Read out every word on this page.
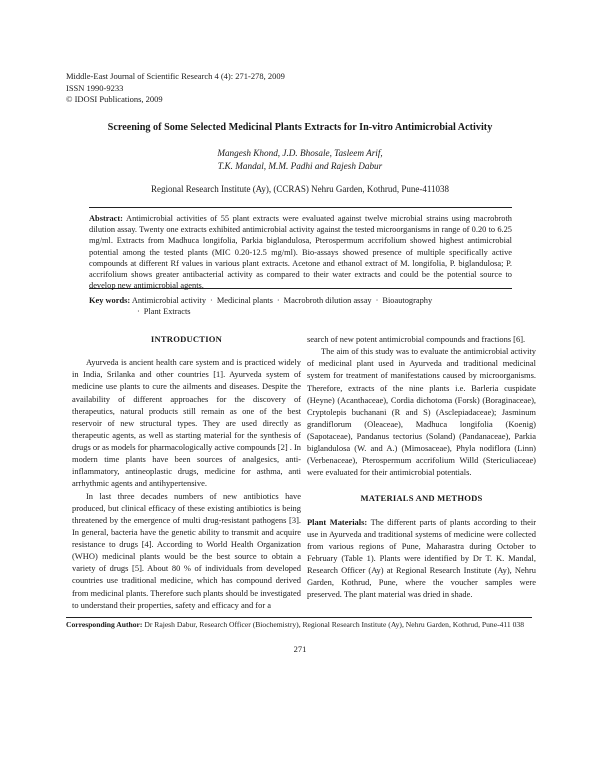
Middle-East Journal of Scientific Research 4 (4): 271-278, 2009
ISSN 1990-9233
© IDOSI Publications, 2009
Screening of Some Selected Medicinal Plants Extracts for In-vitro Antimicrobial Activity
Mangesh Khond, J.D. Bhosale, Tasleem Arif,
T.K. Mandal, M.M. Padhi and Rajesh Dabur
Regional Research Institute (Ay), (CCRAS) Nehru Garden, Kothrud, Pune-411038
Abstract: Antimicrobial activities of 55 plant extracts were evaluated against twelve microbial strains using macrobroth dilution assay. Twenty one extracts exhibited antimicrobial activity against the tested microorganisms in range of 0.20 to 6.25 mg/ml. Extracts from Madhuca longifolia, Parkia biglandulosa, Pterospermum accrifolium showed highest antimicrobial potential among the tested plants (MIC 0.20-12.5 mg/ml). Bio-assays showed presence of multiple specifically active compounds at different Rf values in various plant extracts. Acetone and ethanol extract of M. longifolia, P. biglandulosa; P. accrifolium shows greater antibacterial activity as compared to their water extracts and could be the potential source to develop new antimicrobial agents.
Key words: Antimicrobial activity · Medicinal plants · Macrobroth dilution assay · Bioautography
· Plant Extracts
INTRODUCTION

Ayurveda is ancient health care system and is practiced widely in India, Srilanka and other countries [1]. Ayurveda system of medicine use plants to cure the ailments and diseases. Despite the availability of different approaches for the discovery of therapeutics, natural products still remain as one of the best reservoir of new structural types. They are used directly as therapeutic agents, as well as starting material for the synthesis of drugs or as models for pharmacologically active compounds [2] . In modern time plants have been sources of analgesics, anti-inflammatory, antineoplastic drugs, medicine for asthma, anti arrhythmic agents and antihypertensive.

In last three decades numbers of new antibiotics have produced, but clinical efficacy of these existing antibiotics is being threatened by the emergence of multi drug-resistant pathogens [3]. In general, bacteria have the genetic ability to transmit and acquire resistance to drugs [4]. According to World Health Organization (WHO) medicinal plants would be the best source to obtain a variety of drugs [5]. About 80 % of individuals from developed countries use traditional medicine, which has compound derived from medicinal plants. Therefore such plants should be investigated to understand their properties, safety and efficacy and for a

search of new potent antimicrobial compounds and fractions [6].

The aim of this study was to evaluate the antimicrobial activity of medicinal plant used in Ayurveda and traditional medicinal system for treatment of manifestations caused by microorganisms. Therefore, extracts of the nine plants i.e. Barleria cuspidate (Heyne) (Acanthaceae), Cordia dichotoma (Forsk) (Boraginaceae), Cryptolepis buchanani (R and S) (Asclepiadaceae); Jasminum grandiflorum (Oleaceae), Madhuca longifolia (Koenig) (Sapotaceae), Pandanus tectorius (Soland) (Pandanaceae), Parkia biglandulosa (W. and A.) (Mimosaceae), Phyla nodiflora (Linn) (Verbenaceae), Pterospermum accrifolium Willd (Stericuliaceae) were evaluated for their antimicrobial potentials.

MATERIALS AND METHODS

Plant Materials: The different parts of plants according to their use in Ayurveda and traditional systems of medicine were collected from various regions of Pune, Maharastra during October to February (Table 1). Plants were identified by Dr T. K. Mandal, Research Officer (Ay) at Regional Research Institute (Ay), Nehru Garden, Kothrud, Pune, where the voucher samples were preserved. The plant material was dried in shade.

Corresponding Author: Dr Rajesh Dabur, Research Officer (Biochemistry), Regional Research Institute (Ay), Nehru Garden, Kothrud, Pune-411 038
271
